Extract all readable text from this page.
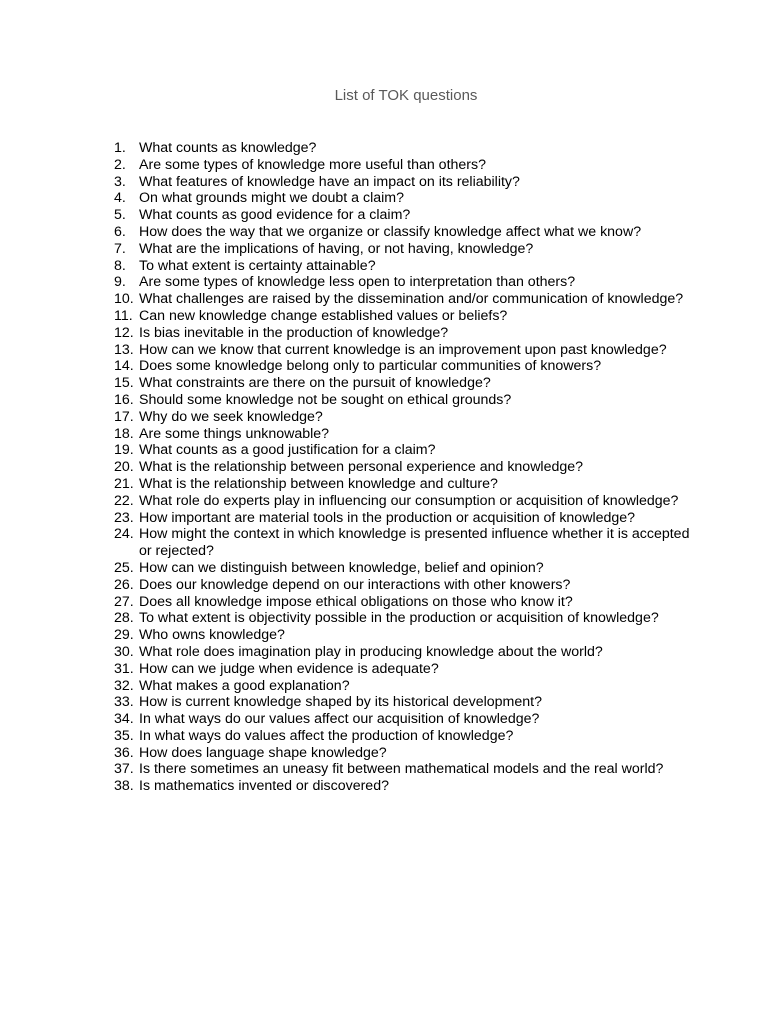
List of TOK questions
1. What counts as knowledge?
2. Are some types of knowledge more useful than others?
3. What features of knowledge have an impact on its reliability?
4. On what grounds might we doubt a claim?
5. What counts as good evidence for a claim?
6. How does the way that we organize or classify knowledge affect what we know?
7. What are the implications of having, or not having, knowledge?
8. To what extent is certainty attainable?
9. Are some types of knowledge less open to interpretation than others?
10. What challenges are raised by the dissemination and/or communication of knowledge?
11. Can new knowledge change established values or beliefs?
12. Is bias inevitable in the production of knowledge?
13. How can we know that current knowledge is an improvement upon past knowledge?
14. Does some knowledge belong only to particular communities of knowers?
15. What constraints are there on the pursuit of knowledge?
16. Should some knowledge not be sought on ethical grounds?
17. Why do we seek knowledge?
18. Are some things unknowable?
19. What counts as a good justification for a claim?
20. What is the relationship between personal experience and knowledge?
21. What is the relationship between knowledge and culture?
22. What role do experts play in influencing our consumption or acquisition of knowledge?
23. How important are material tools in the production or acquisition of knowledge?
24. How might the context in which knowledge is presented influence whether it is accepted or rejected?
25. How can we distinguish between knowledge, belief and opinion?
26. Does our knowledge depend on our interactions with other knowers?
27. Does all knowledge impose ethical obligations on those who know it?
28. To what extent is objectivity possible in the production or acquisition of knowledge?
29. Who owns knowledge?
30. What role does imagination play in producing knowledge about the world?
31. How can we judge when evidence is adequate?
32. What makes a good explanation?
33. How is current knowledge shaped by its historical development?
34. In what ways do our values affect our acquisition of knowledge?
35. In what ways do values affect the production of knowledge?
36. How does language shape knowledge?
37. Is there sometimes an uneasy fit between mathematical models and the real world?
38. Is mathematics invented or discovered?
